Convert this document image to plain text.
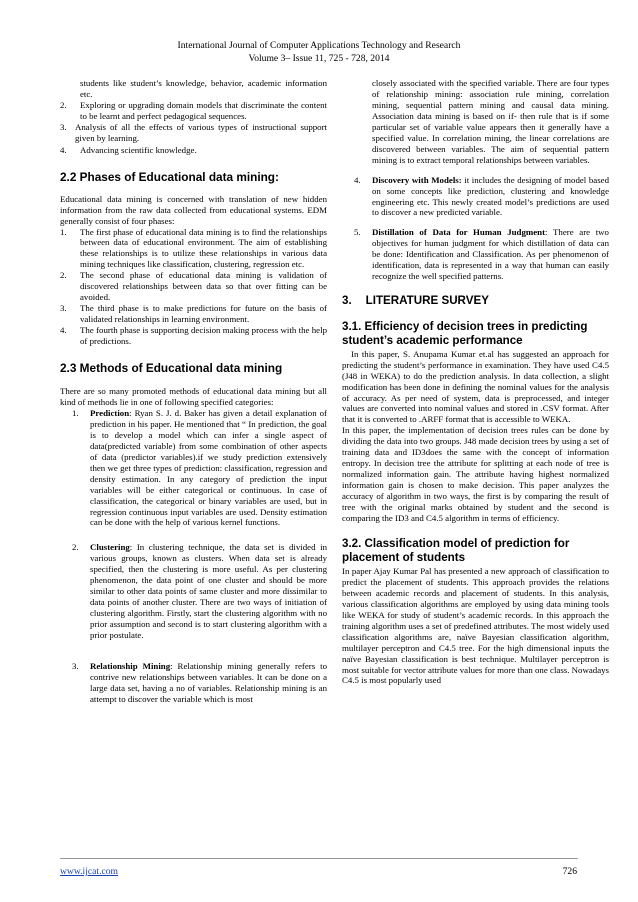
International Journal of Computer Applications Technology and Research
Volume 3– Issue 11, 725 - 728, 2014

students like student’s knowledge, behavior, academic information etc.

2.	Exploring or upgrading domain models that discriminate the content to be learnt and perfect pedagogical sequences.
3. Analysis of all the effects of various types of instructional support given by learning.
4.	Advancing scientific knowledge.
2.2 Phases of Educational data mining:

Educational data mining is concerned with translation of new hidden information from the raw data collected from educational systems. EDM generally consist of four phases:

1.	The first phase of educational data mining is to find the relationships between data of educational environment. The aim of establishing these relationships is to utilize these relationships in various data mining techniques like classification, clustering, regression etc.
2.	The second phase of educational data mining is validation of discovered relationships between data so that over fitting can be avoided.
3.	The third phase is to make predictions for future on the basis of validated relationships in learning environment.
4.	The fourth phase is supporting decision making process with the help of predictions.
2.3 Methods of Educational data mining

There are so many promoted methods of educational data mining but all kind of methods lie in one of following specified categories:

1.	Prediction: Ryan S. J. d. Baker has given a detail explanation of prediction in his paper. He mentioned that “ In prediction, the goal is to develop a model which can infer a single aspect of data(predicted variable) from some combination of other aspects of data (predictor variables).if we study prediction extensively then we get three types of prediction: classification, regression and density estimation. In any category of prediction the input variables will be either categorical or continuous. In case of classification, the categorical or binary variables are used, but in regression continuous input variables are used. Density estimation can be done with the help of various kernel functions.
2.	Clustering: In clustering technique, the data set is divided in various groups, known as clusters. When data set is already specified, then the clustering is more useful. As per clustering phenomenon, the data point of one cluster and should be more similar to other data points of same cluster and more dissimilar to data points of another cluster. There are two ways of initiation of clustering algorithm. Firstly, start the clustering algorithm with no prior assumption and second is to start clustering algorithm with a prior postulate.
3.	Relationship Mining: Relationship mining generally refers to contrive new relationships between variables. It can be done on a large data set, having a no of variables. Relationship mining is an attempt to discover the variable which is most

closely associated with the specified variable. There are four types of relationship mining: association rule mining, correlation mining, sequential pattern mining and causal data mining. Association data mining is based on if- then rule that is if some particular set of variable value appears then it generally have a specified value. In correlation mining, the linear correlations are discovered between variables. The aim of sequential pattern mining is to extract temporal relationships between variables.

4.	Discovery with Models: it includes the designing of model based on some concepts like prediction, clustering and knowledge engineering etc. This newly created model’s predictions are used to discover a new predicted variable.
5.	Distillation of Data for Human Judgment: There are two objectives for human judgment for which distillation of data can be done: Identification and Classification. As per phenomenon of identification, data is represented in a way that human can easily recognize the well specified patterns.
3. LITERATURE SURVEY
3.1. Efficiency of decision trees in predicting student’s academic performance

In this paper, S. Anupama Kumar et.al has suggested an approach for predicting the student’s performance in examination. They have used C4.5 (J48 in WEKA) to do the prediction analysis. In data collection, a slight modification has been done in defining the nominal values for the analysis of accuracy. As per need of system, data is preprocessed, and integer values are converted into nominal values and stored in .CSV format. After that it is converted to .ARFF format that is accessible to WEKA.

In this paper, the implementation of decision trees rules can be done by dividing the data into two groups. J48 made decision trees by using a set of training data and ID3does the same with the concept of information entropy. In decision tree the attribute for splitting at each node of tree is normalized information gain. The attribute having highest normalized information gain is chosen to make decision. This paper analyzes the accuracy of algorithm in two ways, the first is by comparing the result of tree with the original marks obtained by student and the second is comparing the ID3 and C4.5 algorithm in terms of efficiency.

3.2. Classification model of prediction for placement of students

In paper Ajay Kumar Pal has presented a new approach of classification to predict the placement of students. This approach provides the relations between academic records and placement of students. In this analysis, various classification algorithms are employed by using data mining tools like WEKA for study of student’s academic records. In this approach the training algorithm uses a set of predefined attributes. The most widely used classification algorithms are, naïve Bayesian classification algorithm, multilayer perceptron and C4.5 tree. For the high dimensional inputs the naïve Bayesian classification is best technique. Multilayer perceptron is most suitable for vector attribute values for more than one class. Nowadays C4.5 is most popularly used

www.ijcat.com	726
